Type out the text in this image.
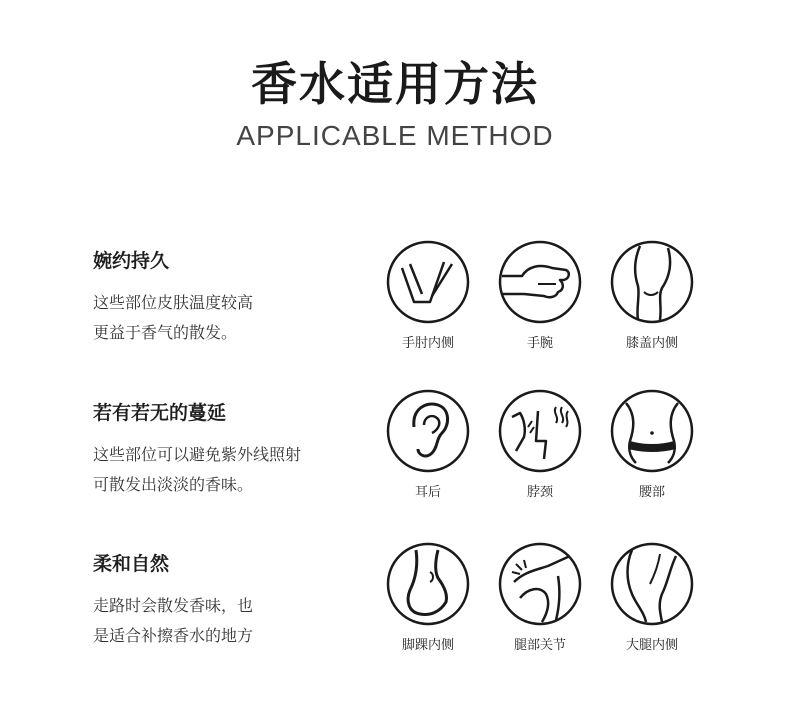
香水适用方法
APPLICABLE METHOD
婉约持久
这些部位皮肤温度较高
更益于香气的散发。
手肘内侧	手腕	膝盖内侧
若有若无的蔓延
这些部位可以避免紫外线照射
可散发出淡淡的香味。	耳后	脖颈	腰部
柔和自然
走路时会散发香味，也
是适合补擦香水的地方
脚踝内侧	腿部关节	大腿内侧
